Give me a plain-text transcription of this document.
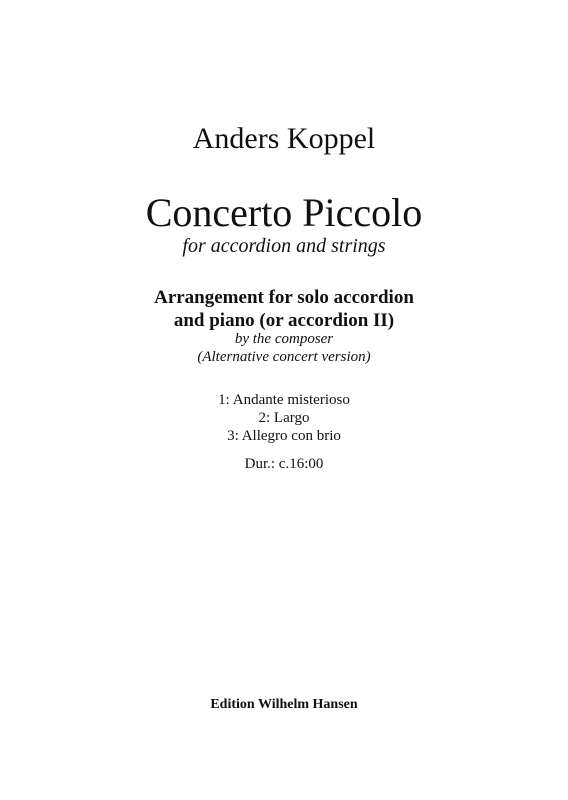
Anders Koppel
Concerto Piccolo
for accordion and strings
Arrangement for solo accordion
and piano (or accordion II)
by the composer
(Alternative concert version)
1: Andante misterioso
2: Largo
3: Allegro con brio
Dur.: c.16:00
Edition Wilhelm Hansen
